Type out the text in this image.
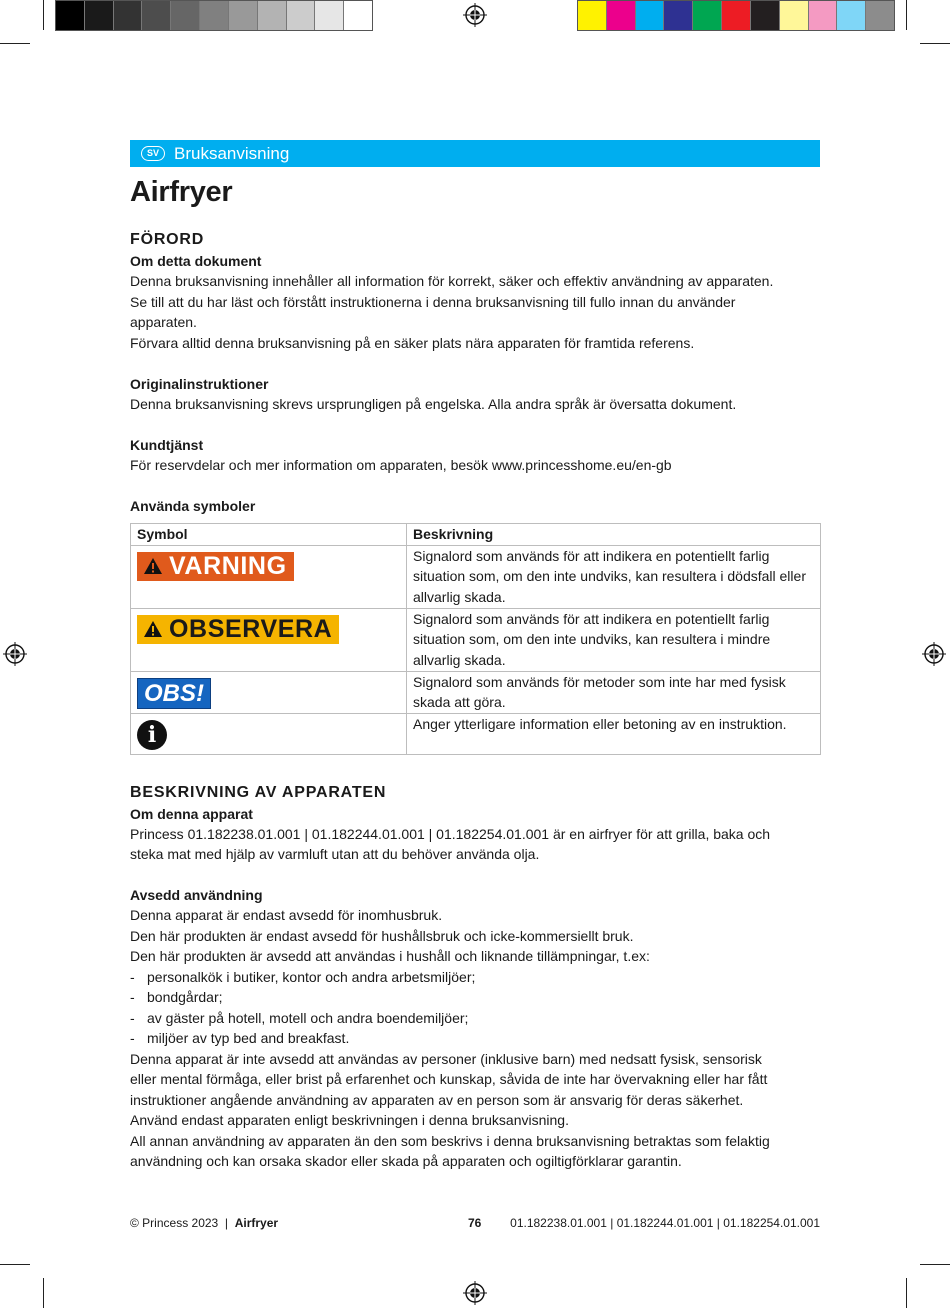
SV Bruksanvisning
Airfryer
FÖRORD
Om detta dokument

Denna bruksanvisning innehåller all information för korrekt, säker och effektiv användning av apparaten.

Se till att du har läst och förstått instruktionerna i denna bruksanvisning till fullo innan du använder

apparaten.

Förvara alltid denna bruksanvisning på en säker plats nära apparaten för framtida referens.

Originalinstruktioner

Denna bruksanvisning skrevs ursprungligen på engelska. Alla andra språk är översatta dokument.

Kundtjänst

För reservdelar och mer information om apparaten, besök www.princesshome.eu/en-gb

Använda symboler
Symbol	Beskrivning

VARNING	Signalord som används för att indikera en potentiellt farlig situation som, om den inte undviks, kan resultera i dödsfall eller allvarlig skada.

OBSERVERA	Signalord som används för att indikera en potentiellt farlig situation som, om den inte undviks, kan resultera i mindre allvarlig skada.
OBS!	Signalord som används för metoder som inte har med fysisk skada att göra.

i	Anger ytterligare information eller betoning av en instruktion.
BESKRIVNING AV APPARATEN
Om denna apparat

Princess 01.182238.01.001 | 01.182244.01.001 | 01.182254.01.001 är en airfryer för att grilla, baka och

steka mat med hjälp av varmluft utan att du behöver använda olja.

Avsedd användning

Denna apparat är endast avsedd för inomhusbruk.

Den här produkten är endast avsedd för hushållsbruk och icke-kommersiellt bruk.

Den här produkten är avsedd att användas i hushåll och liknande tillämpningar, t.ex:

- personalkök i butiker, kontor och andra arbetsmiljöer;
- bondgårdar;
- av gäster på hotell, motell och andra boendemiljöer;
- miljöer av typ bed and breakfast.

Denna apparat är inte avsedd att användas av personer (inklusive barn) med nedsatt fysisk, sensorisk

eller mental förmåga, eller brist på erfarenhet och kunskap, såvida de inte har övervakning eller har fått

instruktioner angående användning av apparaten av en person som är ansvarig för deras säkerhet.

Använd endast apparaten enligt beskrivningen i denna bruksanvisning.

All annan användning av apparaten än den som beskrivs i denna bruksanvisning betraktas som felaktig

användning och kan orsaka skador eller skada på apparaten och ogiltigförklarar garantin.

© Princess 2023 | Airfryer	76 01.182238.01.001 | 01.182244.01.001 | 01.182254.01.001
